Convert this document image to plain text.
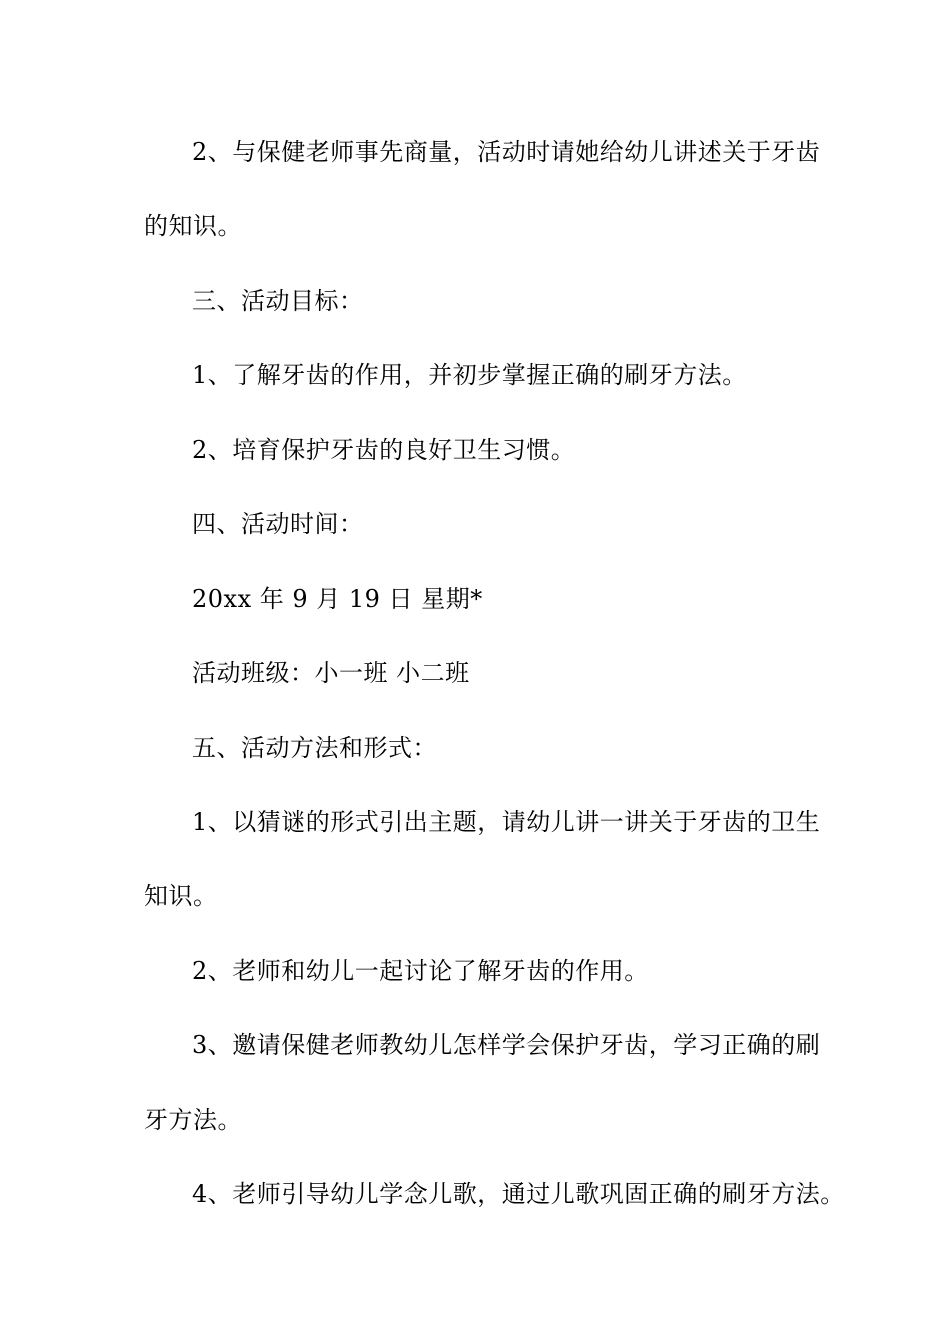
2、与保健老师事先商量，活动时请她给幼儿讲述关于牙齿

的知识。

三、活动目标：

1、了解牙齿的作用，并初步掌握正确的刷牙方法。

2、培育保护牙齿的良好卫生习惯。

四、活动时间：

20xx 年 9 月 19 日 星期*

活动班级：小一班 小二班

五、活动方法和形式：

1、以猜谜的形式引出主题，请幼儿讲一讲关于牙齿的卫生

知识。

2、老师和幼儿一起讨论了解牙齿的作用。

3、邀请保健老师教幼儿怎样学会保护牙齿，学习正确的刷

牙方法。

4、老师引导幼儿学念儿歌，通过儿歌巩固正确的刷牙方法。
